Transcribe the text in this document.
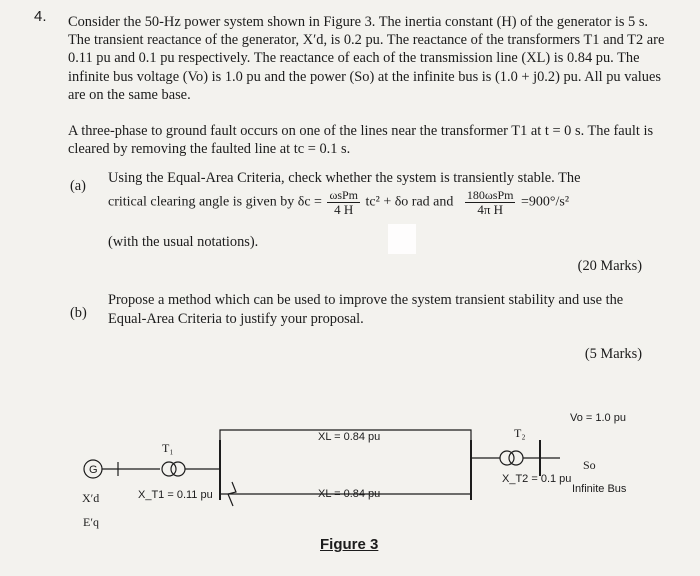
4. Consider the 50-Hz power system shown in Figure 3. The inertia constant (H) of the generator is 5 s. The transient reactance of the generator, X′d, is 0.2 pu. The reactance of the transformers T1 and T2 are 0.11 pu and 0.1 pu respectively. The reactance of each of the transmission line (XL) is 0.84 pu. The infinite bus voltage (Vo) is 1.0 pu and the power (So) at the infinite bus is (1.0 + j0.2) pu. All pu values are on the same base.
A three-phase to ground fault occurs on one of the lines near the transformer T1 at t = 0 s. The fault is cleared by removing the faulted line at tc = 0.1 s.
(a) Using the Equal-Area Criteria, check whether the system is transiently stable. The
critical clearing angle is given by $\delta c = \frac{\text{ωsPm}}{4 H} tc^2 + \delta o$ rad and $\frac{\text{180ωsPm}}{\text{4π H}} =900^\circ/s^2$
(with the usual notations).
(20 Marks)
(b)
Propose a method which can be used to improve the system transient stability and use the Equal-Area Criteria to justify your proposal.
(5 Marks)
G
X′d
E′q
T₁
X_T1 = 0.11 pu
XL = 0.84 pu
XL = 0.84 pu
T₂
X_T2 = 0.1 pu
Vo = 1.0 pu
So
Infinite Bus
Figure 3
